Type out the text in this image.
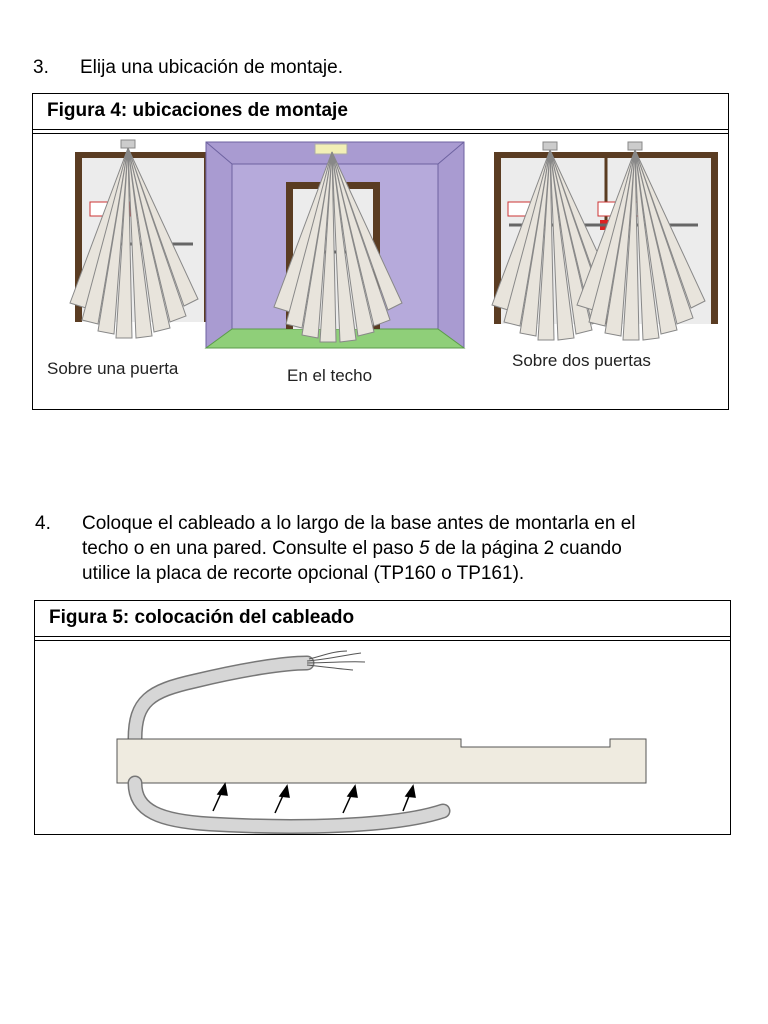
3. Elija una ubicación de montaje.
Figura 4: ubicaciones de montaje
Sobre una puerta	En el techo
Sobre dos puertas
4. Coloque el cableado a lo largo de la base antes de montarla en el
techo o en una pared. Consulte el paso 5 de la página 2 cuando
utilice la placa de recorte opcional (TP160 o TP161).
Figura 5: colocación del cableado
